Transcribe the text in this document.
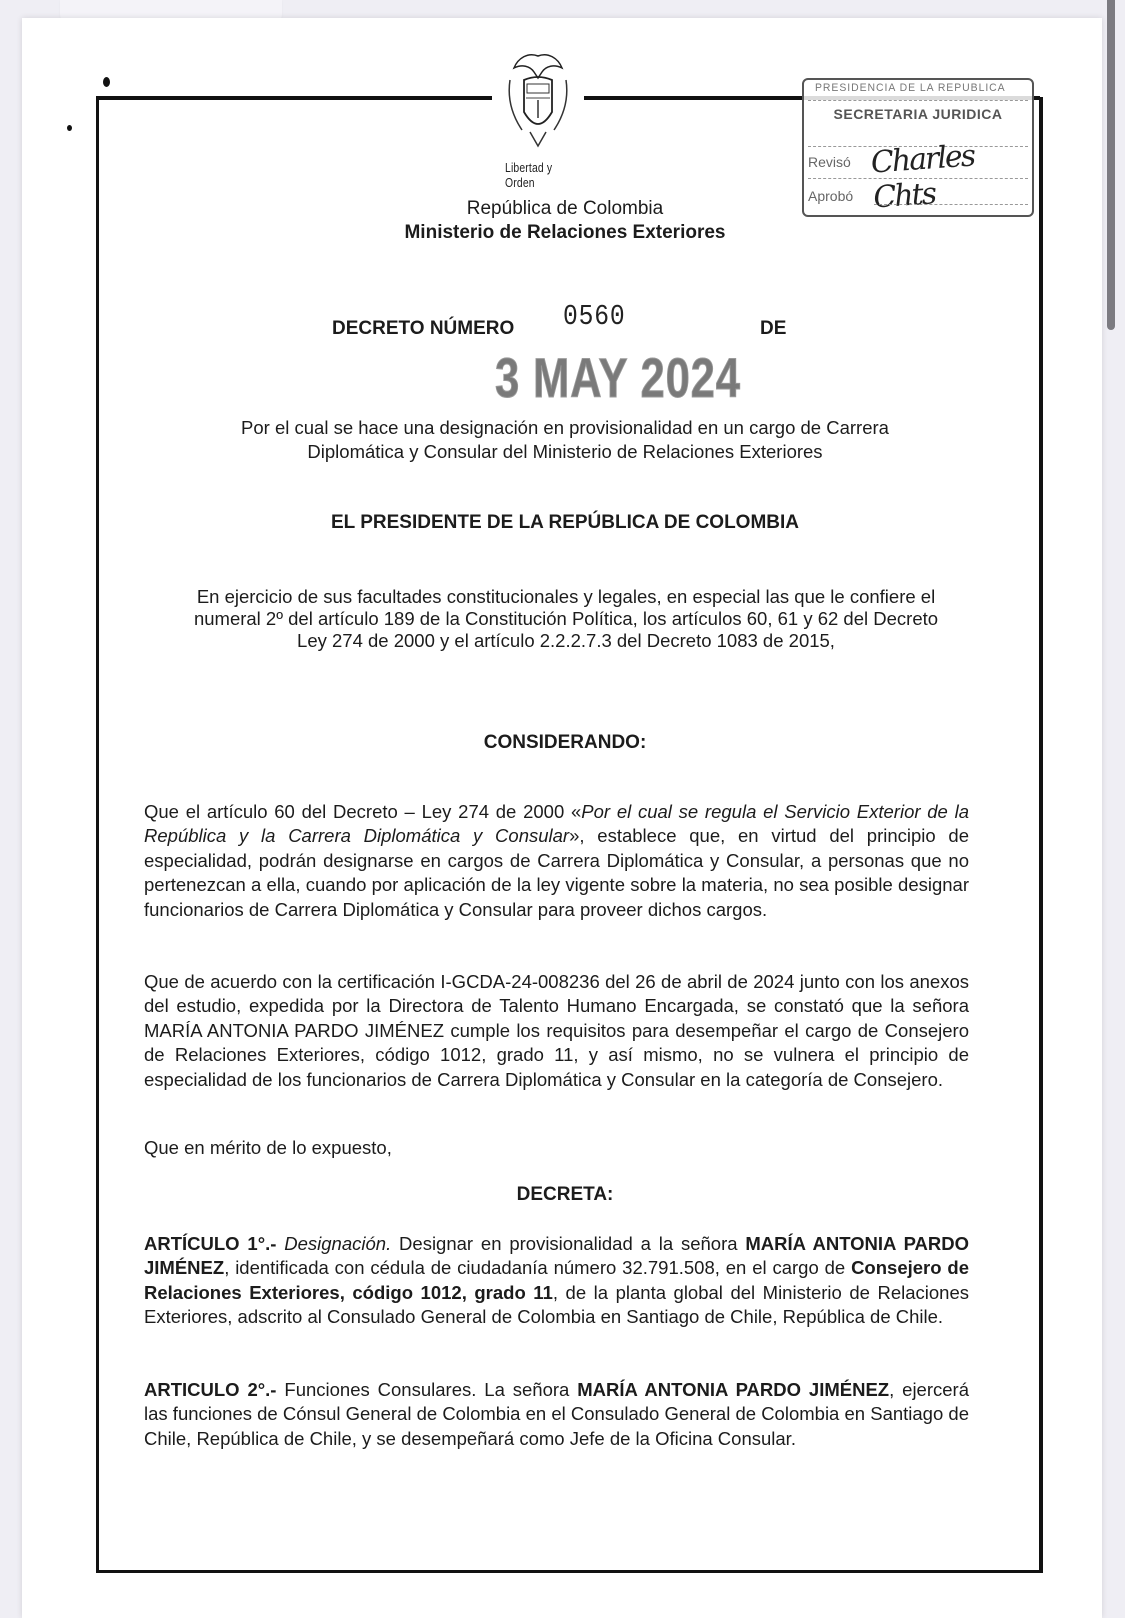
Libertad y Orden
PRESIDENCIA DE LA REPUBLICA
SECRETARIA JURIDICA
Revisó Charles Chts
Aprobó
República de Colombia
Ministerio de Relaciones Exteriores
DECRETO NÚMERO 0560	DE
3 MAY 2024
Por el cual se hace una designación en provisionalidad en un cargo de Carrera
Diplomática y Consular del Ministerio de Relaciones Exteriores
EL PRESIDENTE DE LA REPÚBLICA DE COLOMBIA
En ejercicio de sus facultades constitucionales y legales, en especial las que le confiere el numeral 2º del artículo 189 de la Constitución Política, los artículos 60, 61 y 62 del Decreto Ley 274 de 2000 y el artículo 2.2.2.7.3 del Decreto 1083 de 2015,
CONSIDERANDO:
Que el artículo 60 del Decreto – Ley 274 de 2000 «Por el cual se regula el Servicio Exterior de la República y la Carrera Diplomática y Consular», establece que, en virtud del principio de especialidad, podrán designarse en cargos de Carrera Diplomática y Consular, a personas que no pertenezcan a ella, cuando por aplicación de la ley vigente sobre la materia, no sea posible designar funcionarios de Carrera Diplomática y Consular para proveer dichos cargos.
Que de acuerdo con la certificación I-GCDA-24-008236 del 26 de abril de 2024 junto con los anexos del estudio, expedida por la Directora de Talento Humano Encargada, se constató que la señora MARÍA ANTONIA PARDO JIMÉNEZ cumple los requisitos para desempeñar el cargo de Consejero de Relaciones Exteriores, código 1012, grado 11, y así mismo, no se vulnera el principio de especialidad de los funcionarios de Carrera Diplomática y Consular en la categoría de Consejero.
Que en mérito de lo expuesto,
DECRETA:
ARTÍCULO 1°.- Designación. Designar en provisionalidad a la señora MARÍA ANTONIA PARDO JIMÉNEZ, identificada con cédula de ciudadanía número 32.791.508, en el cargo de Consejero de Relaciones Exteriores, código 1012, grado 11, de la planta global del Ministerio de Relaciones Exteriores, adscrito al Consulado General de Colombia en Santiago de Chile, República de Chile.
ARTICULO 2°.- Funciones Consulares. La señora MARÍA ANTONIA PARDO JIMÉNEZ, ejercerá las funciones de Cónsul General de Colombia en el Consulado General de Colombia en Santiago de Chile, República de Chile, y se desempeñará como Jefe de la Oficina Consular.
